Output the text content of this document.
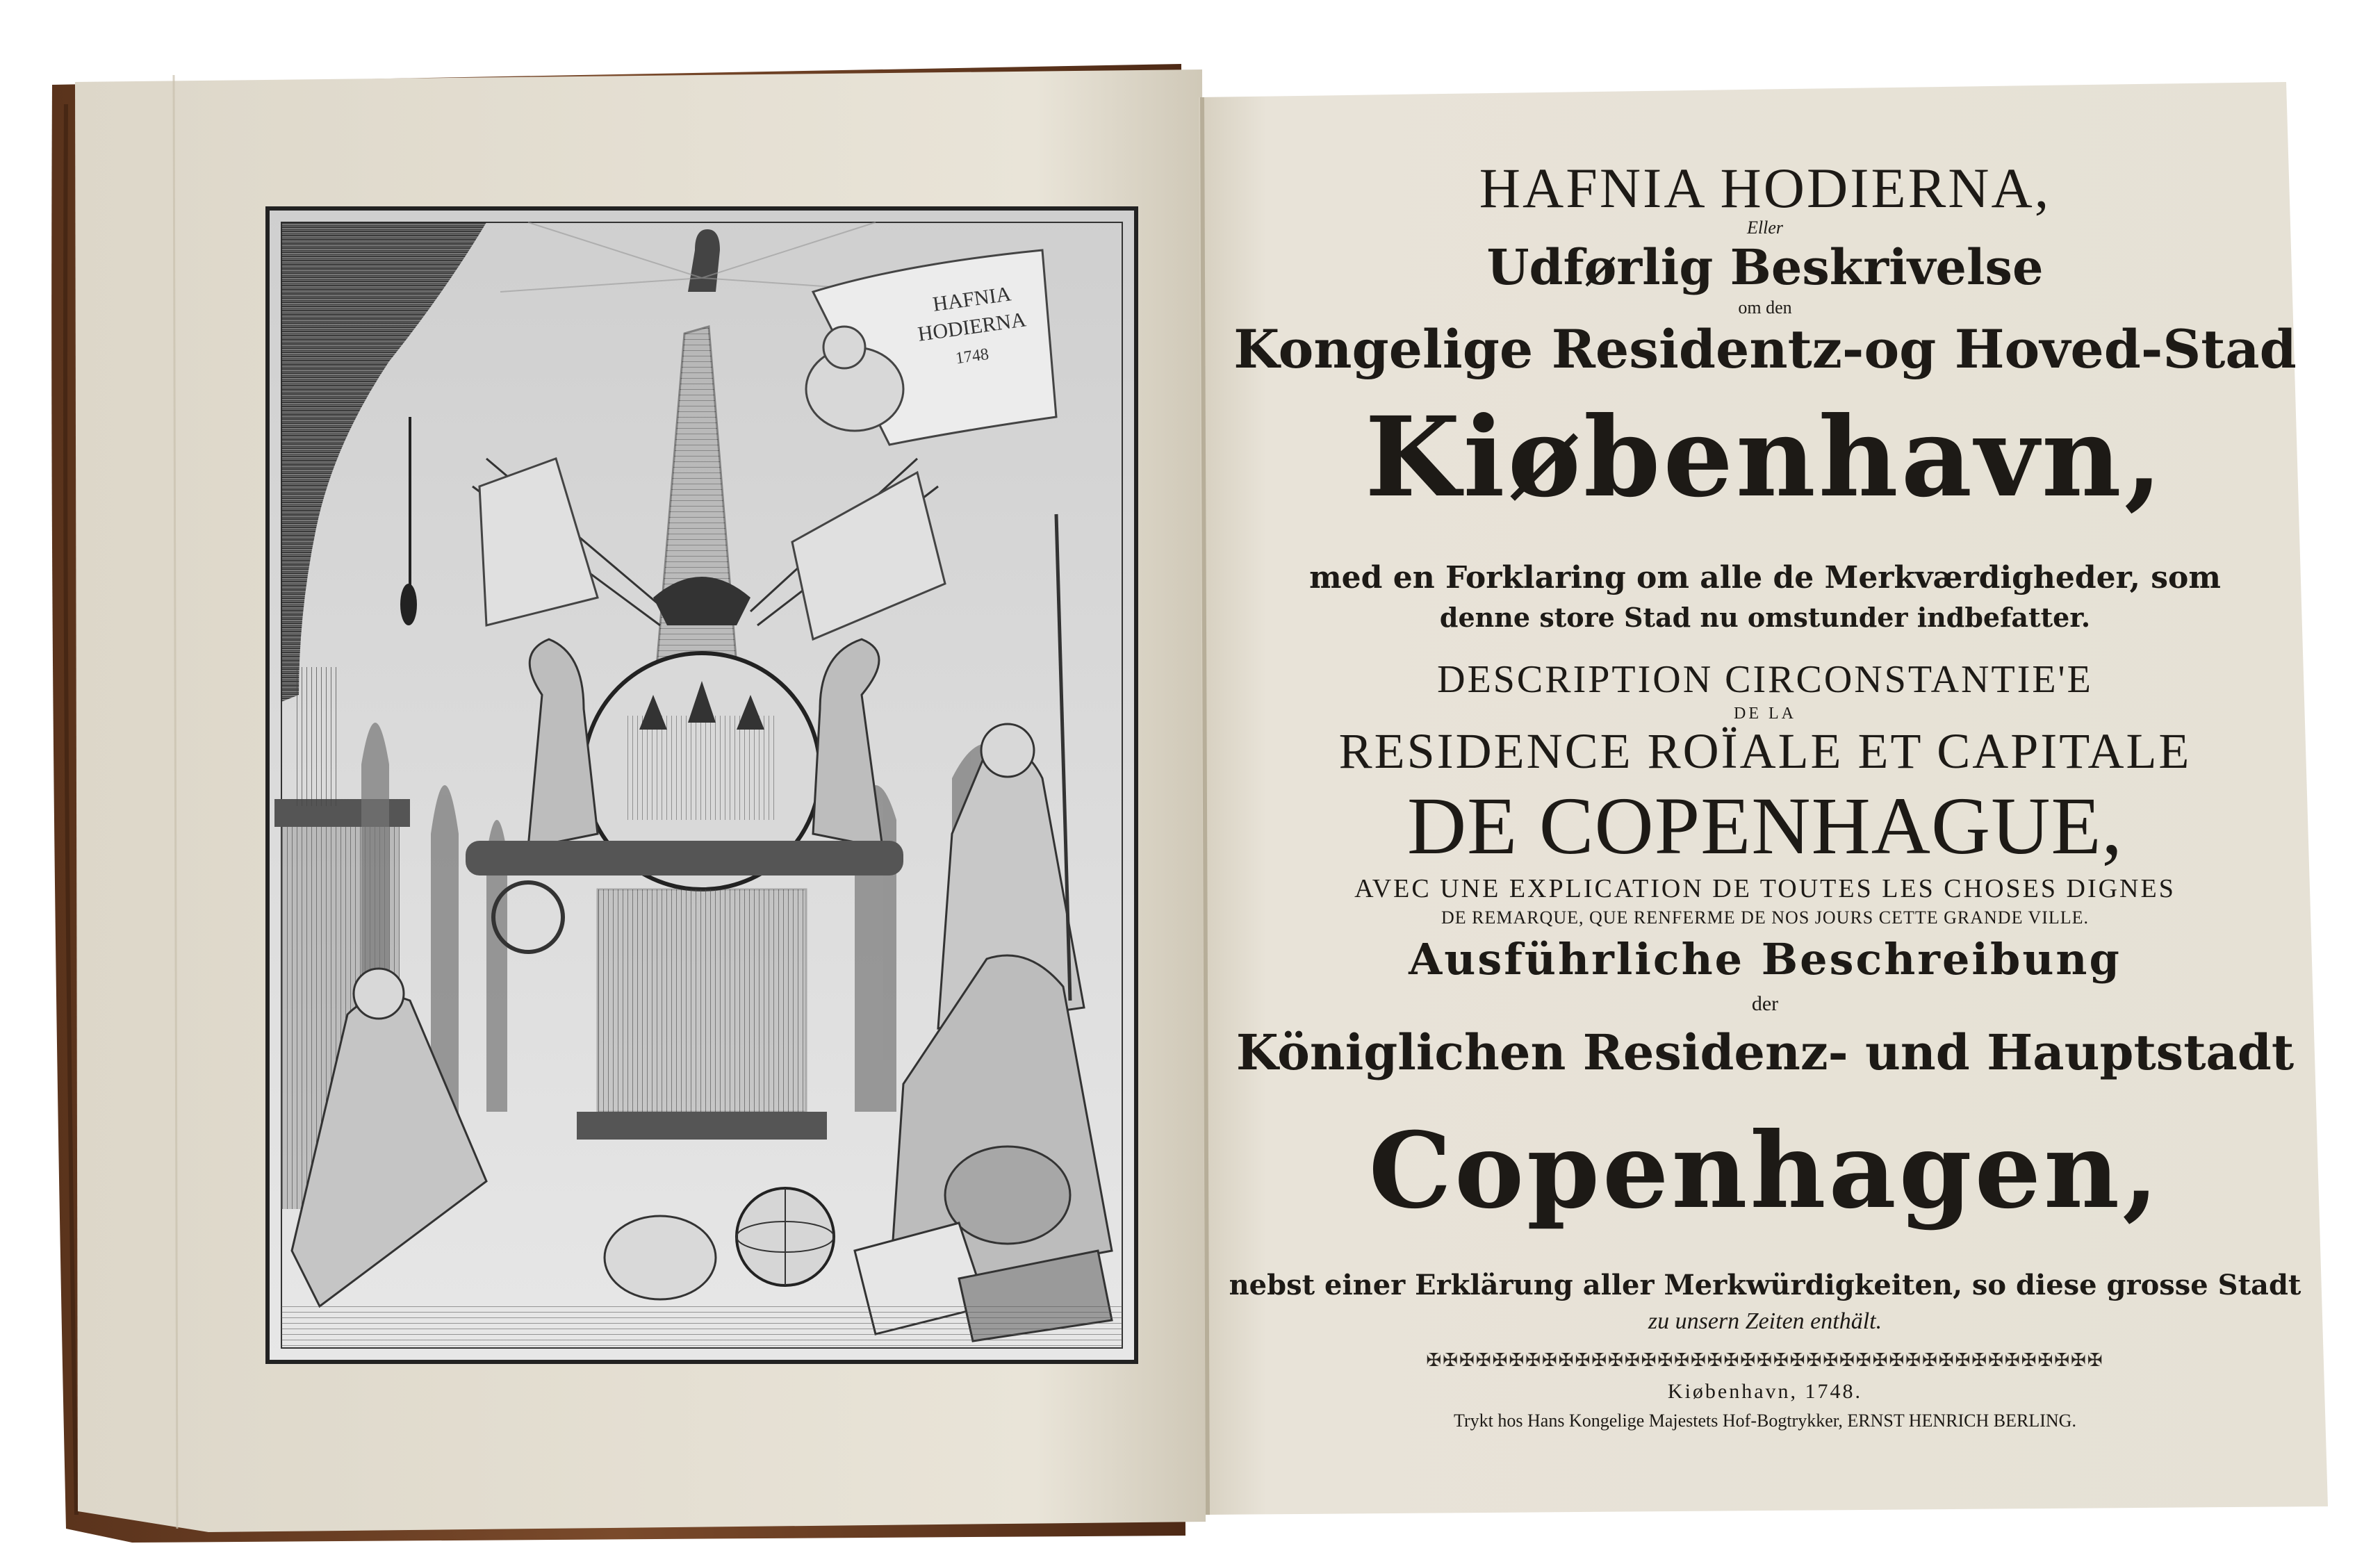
HAFNIA
HODIERNA
1748
HAFNIA HODIERNA,
Eller
Udførlig Beskrivelse
om den
Kongelige Residentz-og Hoved-Stad
Kiøbenhavn,
med en Forklaring om alle de Merkværdigheder, som
denne store Stad nu omstunder indbefatter.
DESCRIPTION CIRCONSTANTIE'E
DE LA
RESIDENCE ROÏALE ET CAPITALE
DE COPENHAGUE,
AVEC UNE EXPLICATION DE TOUTES LES CHOSES DIGNES
DE REMARQUE, QUE RENFERME DE NOS JOURS CETTE GRANDE VILLE.
Ausführliche Beschreibung
der
Königlichen Residenz- und Hauptstadt
Copenhagen,
nebst einer Erklärung aller Merkwürdigkeiten, so diese grosse Stadt
zu unsern Zeiten enthält.
✠✠✠✠✠✠✠✠✠✠✠✠✠✠✠✠✠✠✠✠✠✠✠✠✠✠✠✠✠✠✠✠✠✠✠✠✠✠✠✠✠
Kiøbenhavn, 1748.
Trykt hos Hans Kongelige Majestets Hof-Bogtrykker, ERNST HENRICH BERLING.
